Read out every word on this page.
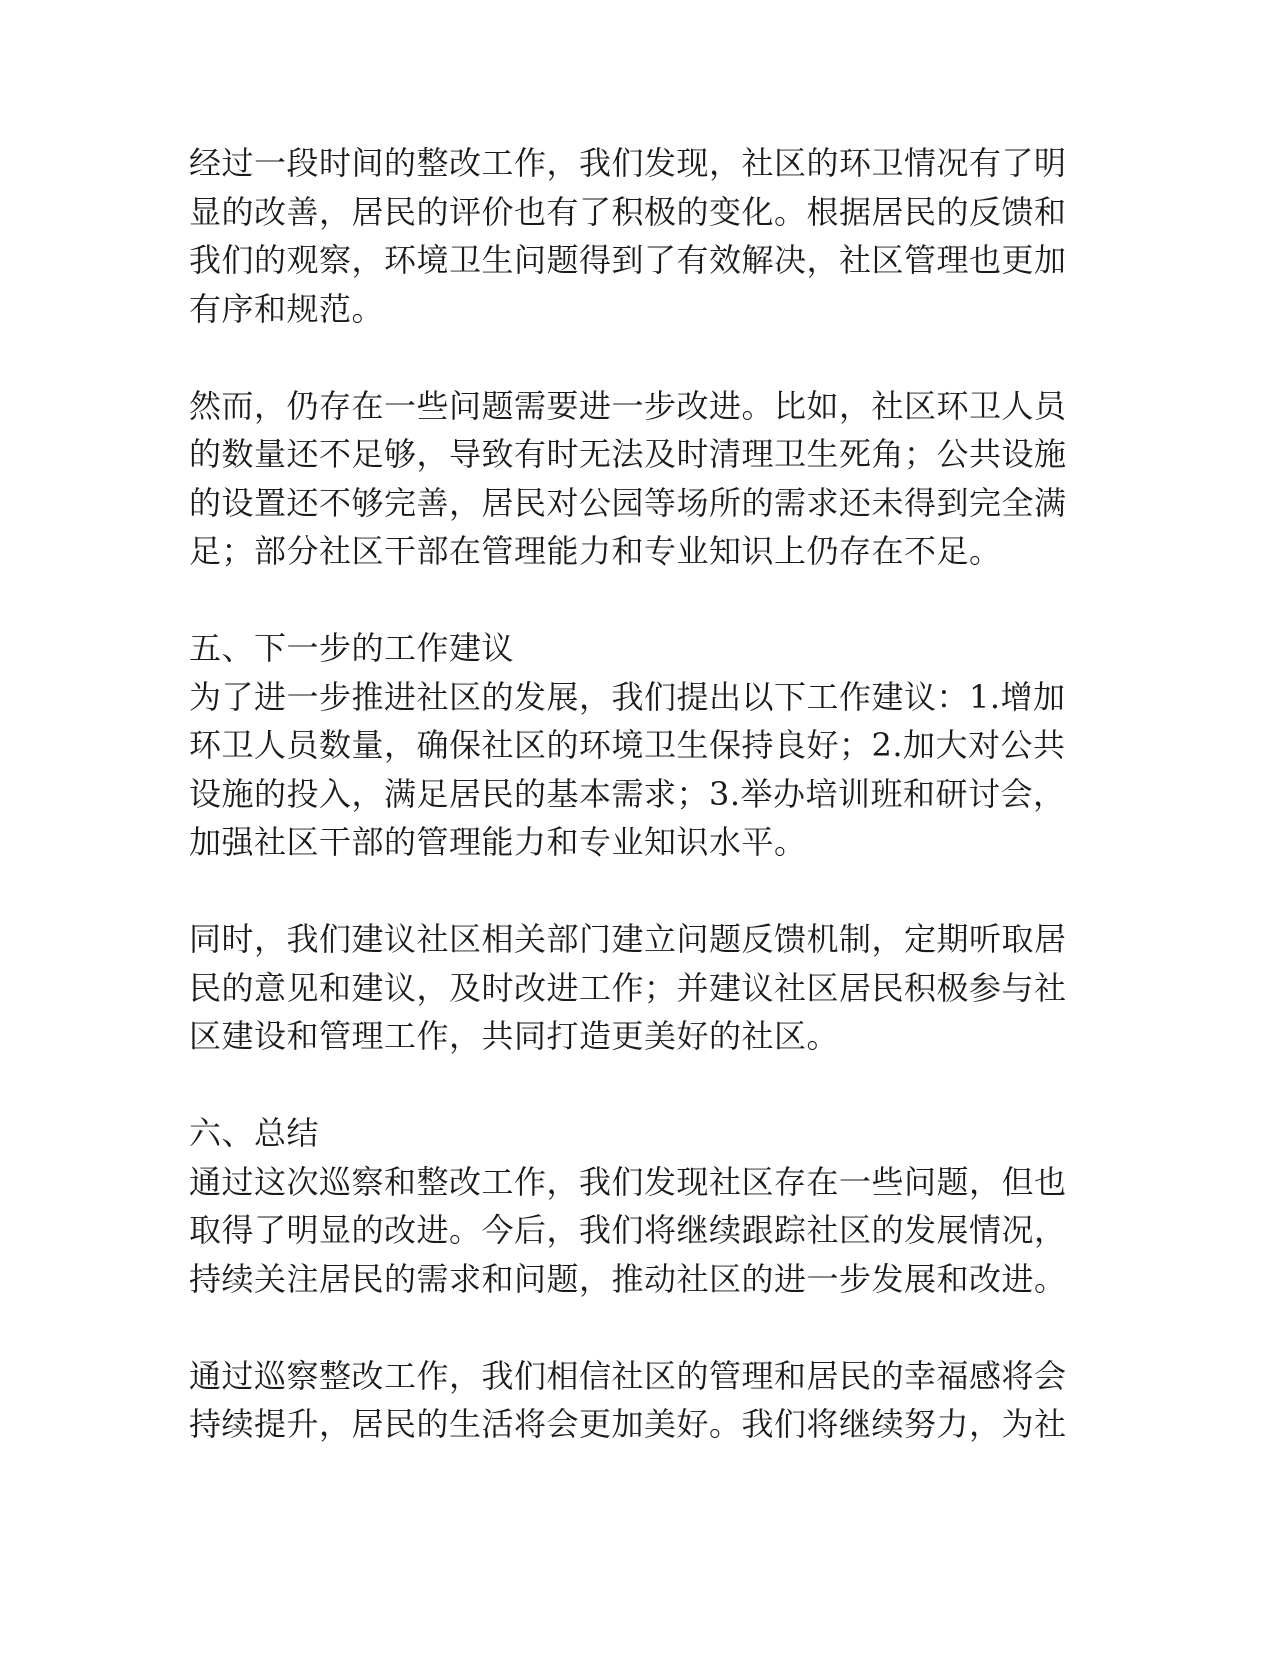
经过一段时间的整改工作，我们发现，社区的环卫情况有了明
显的改善，居民的评价也有了积极的变化。根据居民的反馈和
我们的观察，环境卫生问题得到了有效解决，社区管理也更加
有序和规范。

然而，仍存在一些问题需要进一步改进。比如，社区环卫人员
的数量还不足够，导致有时无法及时清理卫生死角；公共设施
的设置还不够完善，居民对公园等场所的需求还未得到完全满
足；部分社区干部在管理能力和专业知识上仍存在不足。

五、下一步的工作建议

为了进一步推进社区的发展，我们提出以下工作建议：1.增加
环卫人员数量，确保社区的环境卫生保持良好；2.加大对公共
设施的投入，满足居民的基本需求；3.举办培训班和研讨会，
加强社区干部的管理能力和专业知识水平。

同时，我们建议社区相关部门建立问题反馈机制，定期听取居
民的意见和建议，及时改进工作；并建议社区居民积极参与社
区建设和管理工作，共同打造更美好的社区。

六、总结

通过这次巡察和整改工作，我们发现社区存在一些问题，但也
取得了明显的改进。今后，我们将继续跟踪社区的发展情况，
持续关注居民的需求和问题，推动社区的进一步发展和改进。

通过巡察整改工作，我们相信社区的管理和居民的幸福感将会
持续提升，居民的生活将会更加美好。我们将继续努力，为社
